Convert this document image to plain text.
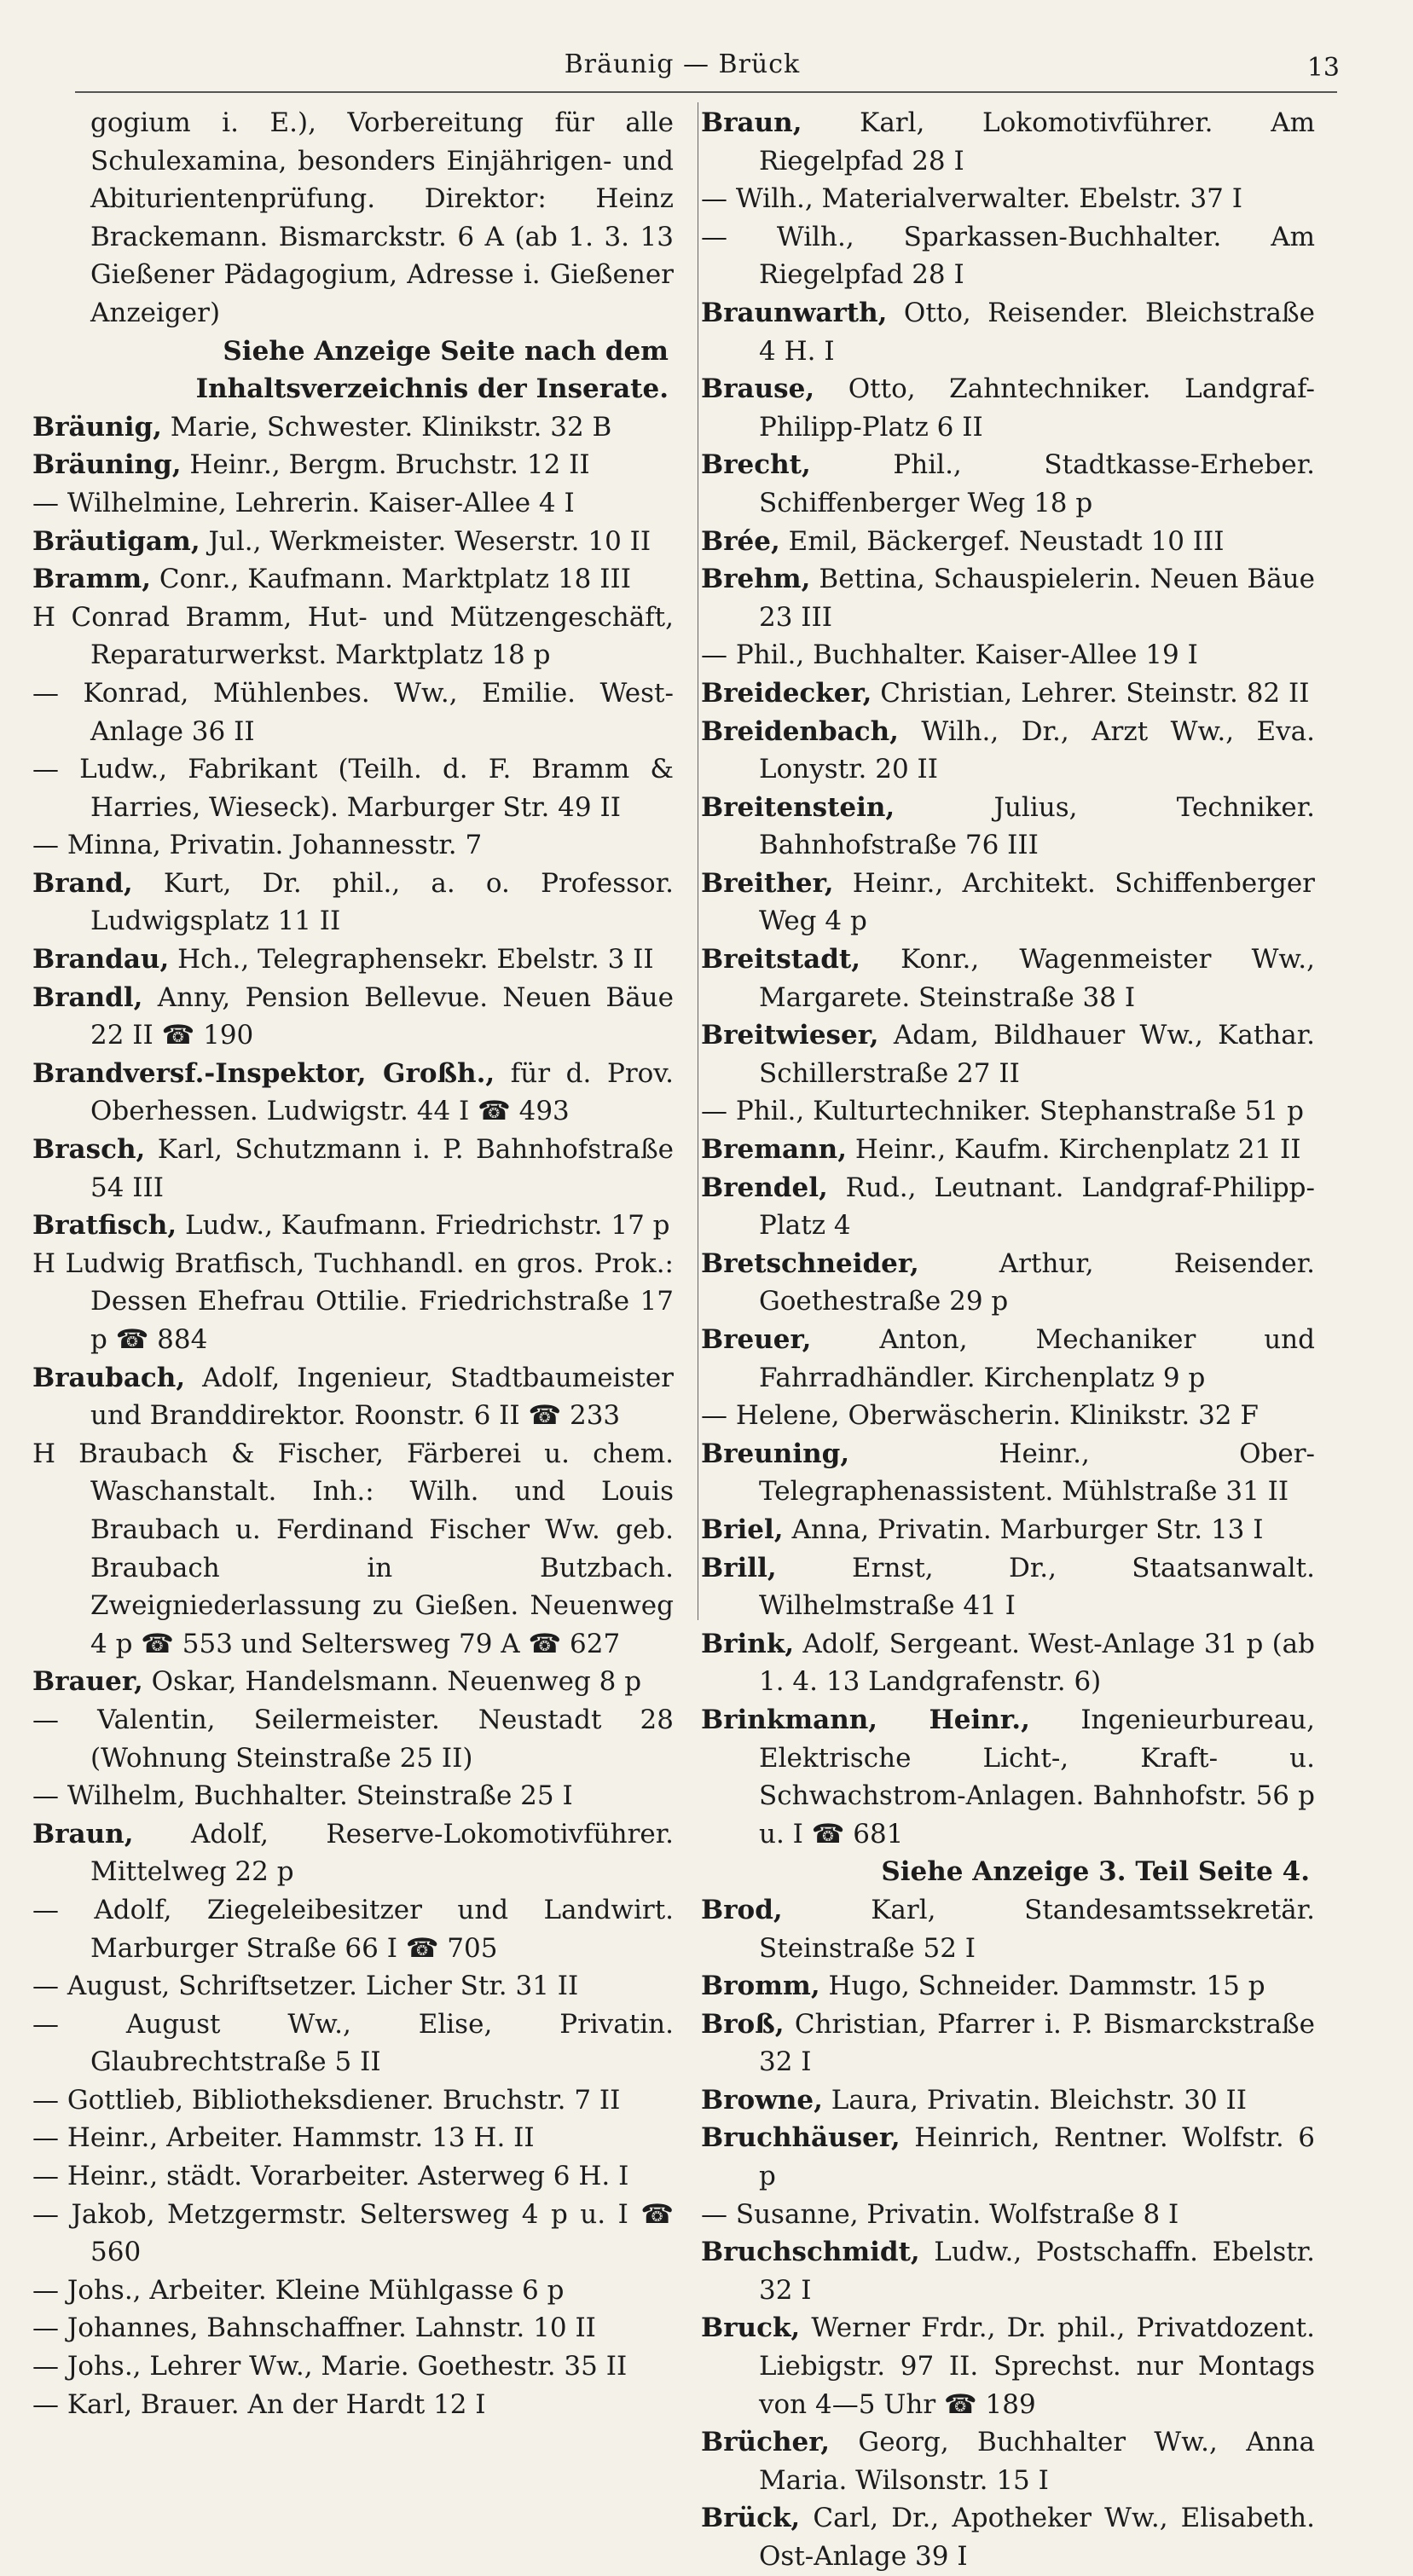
Bräunig — Brück	13

gogium i. E.), Vorbereitung für alle Schulexamina, besonders Einjährigen- und Abiturientenprüfung. Direktor: Heinz Brackemann. Bismarckstr. 6 A (ab 1. 3. 13 Gießener Pädagogium, Adresse i. Gießener Anzeiger)

Siehe Anzeige Seite nach dem Inhaltsverzeichnis der Inserate.

Bräunig, Marie, Schwester. Klinikstr. 32 B

Bräuning, Heinr., Bergm. Bruchstr. 12 II

— Wilhelmine, Lehrerin. Kaiser-Allee 4 I

Bräutigam, Jul., Werkmeister. Weserstr. 10 II

Bramm, Conr., Kaufmann. Marktplatz 18 III

H Conrad Bramm, Hut- und Mützengeschäft, Reparaturwerkst. Marktplatz 18 p

— Konrad, Mühlenbes. Ww., Emilie. West-Anlage 36 II

— Ludw., Fabrikant (Teilh. d. F. Bramm & Harries, Wieseck). Marburger Str. 49 II

— Minna, Privatin. Johannesstr. 7

Brand, Kurt, Dr. phil., a. o. Professor. Ludwigsplatz 11 II

Brandau, Hch., Telegraphensekr. Ebelstr. 3 II

Brandl, Anny, Pension Bellevue. Neuen Bäue 22 II ☎ 190

Brandversf.-Inspektor, Großh., für d. Prov. Oberhessen. Ludwigstr. 44 I ☎ 493

Brasch, Karl, Schutzmann i. P. Bahnhofstraße 54 III

Bratfisch, Ludw., Kaufmann. Friedrichstr. 17 p

H Ludwig Bratfisch, Tuchhandl. en gros. Prok.: Dessen Ehefrau Ottilie. Friedrichstraße 17 p ☎ 884

Braubach, Adolf, Ingenieur, Stadtbaumeister und Branddirektor. Roonstr. 6 II ☎ 233

H Braubach & Fischer, Färberei u. chem. Waschanstalt. Inh.: Wilh. und Louis Braubach u. Ferdinand Fischer Ww. geb. Braubach in Butzbach. Zweigniederlassung zu Gießen. Neuenweg 4 p ☎ 553 und Seltersweg 79 A ☎ 627

Brauer, Oskar, Handelsmann. Neuenweg 8 p

— Valentin, Seilermeister. Neustadt 28 (Wohnung Steinstraße 25 II)

— Wilhelm, Buchhalter. Steinstraße 25 I

Braun, Adolf, Reserve-Lokomotivführer. Mittelweg 22 p

— Adolf, Ziegeleibesitzer und Landwirt. Marburger Straße 66 I ☎ 705

— August, Schriftsetzer. Licher Str. 31 II

— August Ww., Elise, Privatin. Glaubrechtstraße 5 II

— Gottlieb, Bibliotheksdiener. Bruchstr. 7 II

— Heinr., Arbeiter. Hammstr. 13 H. II

— Heinr., städt. Vorarbeiter. Asterweg 6 H. I

— Jakob, Metzgermstr. Seltersweg 4 p u. I ☎ 560

— Johs., Arbeiter. Kleine Mühlgasse 6 p

— Johannes, Bahnschaffner. Lahnstr. 10 II

— Johs., Lehrer Ww., Marie. Goethestr. 35 II

— Karl, Brauer. An der Hardt 12 I

Braun, Karl, Lokomotivführer. Am Riegelpfad 28 I

— Wilh., Materialverwalter. Ebelstr. 37 I

— Wilh., Sparkassen-Buchhalter. Am Riegelpfad 28 I

Braunwarth, Otto, Reisender. Bleichstraße 4 H. I

Brause, Otto, Zahntechniker. Landgraf-Philipp-Platz 6 II

Brecht, Phil., Stadtkasse-Erheber. Schiffenberger Weg 18 p

Brée, Emil, Bäckergef. Neustadt 10 III

Brehm, Bettina, Schauspielerin. Neuen Bäue 23 III

— Phil., Buchhalter. Kaiser-Allee 19 I

Breidecker, Christian, Lehrer. Steinstr. 82 II

Breidenbach, Wilh., Dr., Arzt Ww., Eva. Lonystr. 20 II

Breitenstein, Julius, Techniker. Bahnhofstraße 76 III

Breither, Heinr., Architekt. Schiffenberger Weg 4 p

Breitstadt, Konr., Wagenmeister Ww., Margarete. Steinstraße 38 I

Breitwieser, Adam, Bildhauer Ww., Kathar. Schillerstraße 27 II

— Phil., Kulturtechniker. Stephanstraße 51 p

Bremann, Heinr., Kaufm. Kirchenplatz 21 II

Brendel, Rud., Leutnant. Landgraf-Philipp-Platz 4

Bretschneider, Arthur, Reisender. Goethestraße 29 p

Breuer, Anton, Mechaniker und Fahrradhändler. Kirchenplatz 9 p

— Helene, Oberwäscherin. Klinikstr. 32 F

Breuning, Heinr., Ober-Telegraphenassistent. Mühlstraße 31 II

Briel, Anna, Privatin. Marburger Str. 13 I

Brill, Ernst, Dr., Staatsanwalt. Wilhelmstraße 41 I

Brink, Adolf, Sergeant. West-Anlage 31 p (ab 1. 4. 13 Landgrafenstr. 6)

Brinkmann, Heinr., Ingenieurbureau, Elektrische Licht-, Kraft- u. Schwachstrom-Anlagen. Bahnhofstr. 56 p u. I ☎ 681

Siehe Anzeige 3. Teil Seite 4.

Brod, Karl, Standesamtssekretär. Steinstraße 52 I

Bromm, Hugo, Schneider. Dammstr. 15 p

Broß, Christian, Pfarrer i. P. Bismarckstraße 32 I

Browne, Laura, Privatin. Bleichstr. 30 II

Bruchhäuser, Heinrich, Rentner. Wolfstr. 6 p

— Susanne, Privatin. Wolfstraße 8 I

Bruchschmidt, Ludw., Postschaffn. Ebelstr. 32 I

Bruck, Werner Frdr., Dr. phil., Privatdozent. Liebigstr. 97 II. Sprechst. nur Montags von 4—5 Uhr ☎ 189

Brücher, Georg, Buchhalter Ww., Anna Maria. Wilsonstr. 15 I

Brück, Carl, Dr., Apotheker Ww., Elisabeth. Ost-Anlage 39 I
